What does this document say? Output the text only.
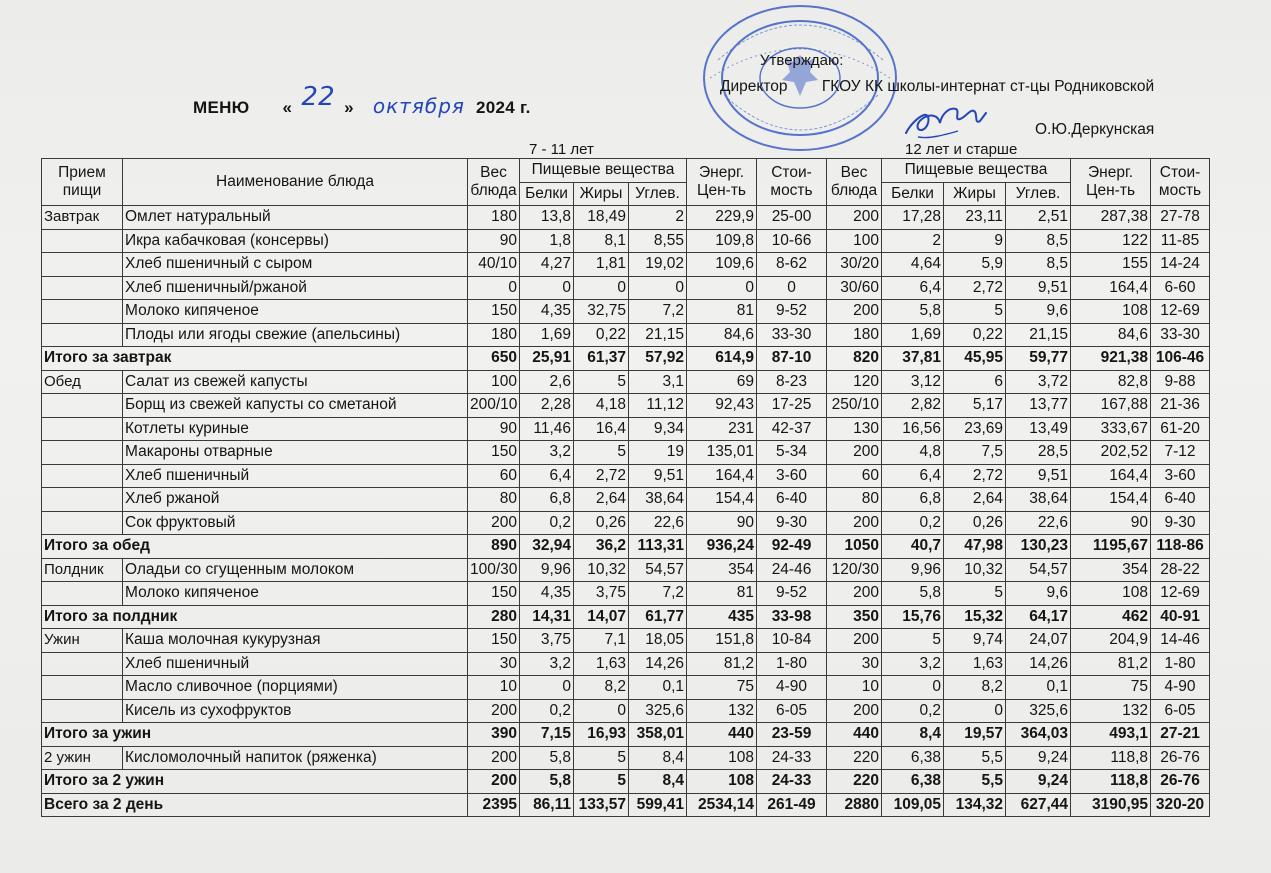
МЕНЮ « 22 » октября 2024 г.
Утверждаю:
Директор ГКОУ КК школы-интернат ст-цы Родниковской
О.Ю.Деркунская
7 - 11 лет	12 лет и старше
Прием пищи	Наименование блюда	Вес блюда	Пищевые вещества			Энерг. Цен-ть	Стои-мость	Вес блюда	Пищевые вещества			Энерг. Цен-ть	Стои-мость
			Белки	Жиры	Углев.				Белки	Жиры	Углев.		
Завтрак	Омлет натуральный	180	13,8	18,49	2	229,9	25-00	200	17,28	23,11	2,51	287,38	27-78
	Икра кабачковая (консервы)	90	1,8	8,1	8,55	109,8	10-66	100	2	9	8,5	122	11-85
	Хлеб пшеничный с сыром	40/10	4,27	1,81	19,02	109,6	8-62	30/20	4,64	5,9	8,5	155	14-24
	Хлеб пшеничный/ржаной	0	0	0	0	0	0	30/60	6,4	2,72	9,51	164,4	6-60
	Молоко кипяченое	150	4,35	32,75	7,2	81	9-52	200	5,8	5	9,6	108	12-69
	Плоды или ягоды свежие (апельсины)	180	1,69	0,22	21,15	84,6	33-30	180	1,69	0,22	21,15	84,6	33-30
Итого за завтрак		650	25,91	61,37	57,92	614,9	87-10	820	37,81	45,95	59,77	921,38	106-46
Обед	Салат из свежей капусты	100	2,6	5	3,1	69	8-23	120	3,12	6	3,72	82,8	9-88
	Борщ из свежей капусты со сметаной	200/10	2,28	4,18	11,12	92,43	17-25	250/10	2,82	5,17	13,77	167,88	21-36
	Котлеты куриные	90	11,46	16,4	9,34	231	42-37	130	16,56	23,69	13,49	333,67	61-20
	Макароны отварные	150	3,2	5	19	135,01	5-34	200	4,8	7,5	28,5	202,52	7-12
	Хлеб пшеничный	60	6,4	2,72	9,51	164,4	3-60	60	6,4	2,72	9,51	164,4	3-60
	Хлеб ржаной	80	6,8	2,64	38,64	154,4	6-40	80	6,8	2,64	38,64	154,4	6-40
	Сок фруктовый	200	0,2	0,26	22,6	90	9-30	200	0,2	0,26	22,6	90	9-30
Итого за обед		890	32,94	36,2	113,31	936,24	92-49	1050	40,7	47,98	130,23	1195,67	118-86
Полдник	Оладьи со сгущенным молоком	100/30	9,96	10,32	54,57	354	24-46	120/30	9,96	10,32	54,57	354	28-22
	Молоко кипяченое	150	4,35	3,75	7,2	81	9-52	200	5,8	5	9,6	108	12-69
Итого за полдник		280	14,31	14,07	61,77	435	33-98	350	15,76	15,32	64,17	462	40-91
Ужин	Каша молочная кукурузная	150	3,75	7,1	18,05	151,8	10-84	200	5	9,74	24,07	204,9	14-46
	Хлеб пшеничный	30	3,2	1,63	14,26	81,2	1-80	30	3,2	1,63	14,26	81,2	1-80
	Масло сливочное (порциями)	10	0	8,2	0,1	75	4-90	10	0	8,2	0,1	75	4-90
	Кисель из сухофруктов	200	0,2	0	325,6	132	6-05	200	0,2	0	325,6	132	6-05
Итого за ужин		390	7,15	16,93	358,01	440	23-59	440	8,4	19,57	364,03	493,1	27-21
2 ужин	Кисломолочный напиток (ряженка)	200	5,8	5	8,4	108	24-33	220	6,38	5,5	9,24	118,8	26-76
Итого за 2 ужин		200	5,8	5	8,4	108	24-33	220	6,38	5,5	9,24	118,8	26-76
Всего за 2 день		2395	86,11	133,57	599,41	2534,14	261-49	2880	109,05	134,32	627,44	3190,95	320-20
